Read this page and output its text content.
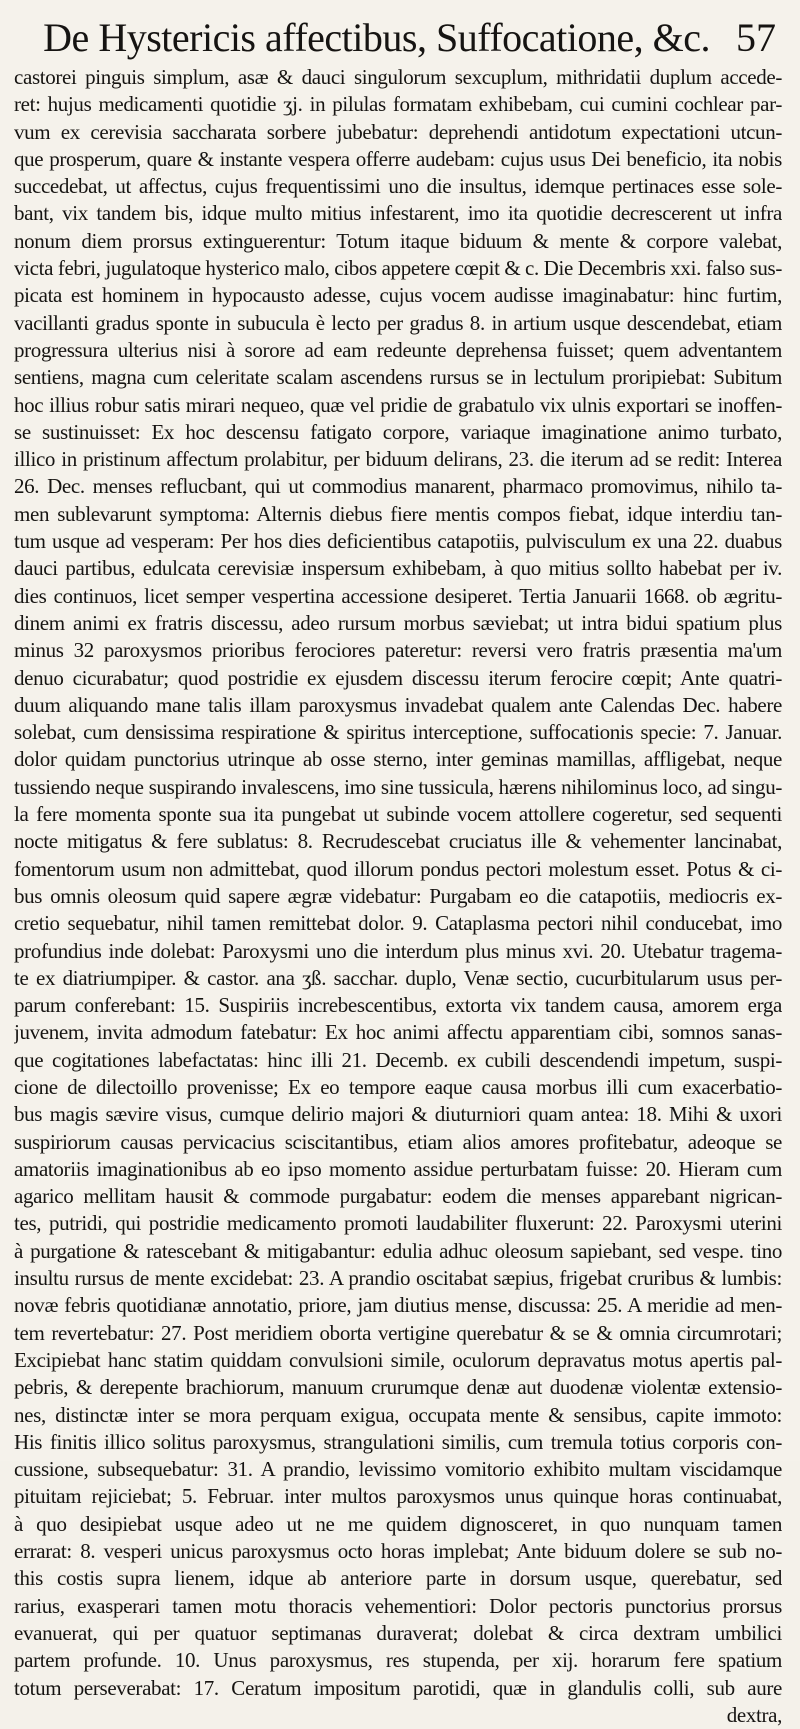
De Hystericis affectibus, Suffocatione, &c. 57
castorei pinguis simplum, asæ & dauci singulorum sexcuplum, mithridatii duplum accede-
ret: hujus medicamenti quotidie ʒj. in pilulas formatam exhibebam, cui cumini cochlear par-
vum ex cerevisia saccharata sorbere jubebatur: deprehendi antidotum expectationi utcun-
que prosperum, quare & instante vespera offerre audebam: cujus usus Dei beneficio, ita nobis
succedebat, ut affectus, cujus frequentissimi uno die insultus, idemque pertinaces esse sole-
bant, vix tandem bis, idque multo mitius infestarent, imo ita quotidie decrescerent ut infra
nonum diem prorsus extinguerentur: Totum itaque biduum & mente & corpore valebat,
victa febri, jugulatoque hysterico malo, cibos appetere cœpit & c. Die Decembris xxi. falso sus-
picata est hominem in hypocausto adesse, cujus vocem audisse imaginabatur: hinc furtim,
vacillanti gradus sponte in subucula è lecto per gradus 8. in artium usque descendebat, etiam
progressura ulterius nisi à sorore ad eam redeunte deprehensa fuisset; quem adventantem
sentiens, magna cum celeritate scalam ascendens rursus se in lectulum proripiebat: Subitum
hoc illius robur satis mirari nequeo, quæ vel pridie de grabatulo vix ulnis exportari se inoffen-
se sustinuisset: Ex hoc descensu fatigato corpore, variaque imaginatione animo turbato,
illico in pristinum affectum prolabitur, per biduum delirans, 23. die iterum ad se redit: Interea
26. Dec. menses reflucbant, qui ut commodius manarent, pharmaco promovimus, nihilo ta-
men sublevarunt symptoma: Alternis diebus fiere mentis compos fiebat, idque interdiu tan-
tum usque ad vesperam: Per hos dies deficientibus catapotiis, pulvisculum ex una 22. duabus
dauci partibus, edulcata cerevisiæ inspersum exhibebam, à quo mitius sollto habebat per iv.
dies continuos, licet semper vespertina accessione desiperet. Tertia Januarii 1668. ob ægritu-
dinem animi ex fratris discessu, adeo rursum morbus sæviebat; ut intra bidui spatium plus
minus 32 paroxysmos prioribus ferociores pateretur: reversi vero fratris præsentia ma'um
denuo cicurabatur; quod postridie ex ejusdem discessu iterum ferocire cœpit; Ante quatri-
duum aliquando mane talis illam paroxysmus invadebat qualem ante Calendas Dec. habere
solebat, cum densissima respiratione & spiritus interceptione, suffocationis specie: 7. Januar.
dolor quidam punctorius utrinque ab osse sterno, inter geminas mamillas, affligebat, neque
tussiendo neque suspirando invalescens, imo sine tussicula, hærens nihilominus loco, ad singu-
la fere momenta sponte sua ita pungebat ut subinde vocem attollere cogeretur, sed sequenti
nocte mitigatus & fere sublatus: 8. Recrudescebat cruciatus ille & vehementer lancinabat,
fomentorum usum non admittebat, quod illorum pondus pectori molestum esset. Potus & ci-
bus omnis oleosum quid sapere ægræ videbatur: Purgabam eo die catapotiis, mediocris ex-
cretio sequebatur, nihil tamen remittebat dolor. 9. Cataplasma pectori nihil conducebat, imo
profundius inde dolebat: Paroxysmi uno die interdum plus minus xvi. 20. Utebatur tragema-
te ex diatriumpiper. & castor. ana ʒß. sacchar. duplo, Venæ sectio, cucurbitularum usus per-
parum conferebant: 15. Suspiriis increbescentibus, extorta vix tandem causa, amorem erga
juvenem, invita admodum fatebatur: Ex hoc animi affectu apparentiam cibi, somnos sanas-
que cogitationes labefactatas: hinc illi 21. Decemb. ex cubili descendendi impetum, suspi-
cione de dilectoillo provenisse; Ex eo tempore eaque causa morbus illi cum exacerbatio-
bus magis sævire visus, cumque delirio majori & diuturniori quam antea: 18. Mihi & uxori
suspiriorum causas pervicacius sciscitantibus, etiam alios amores profitebatur, adeoque se
amatoriis imaginationibus ab eo ipso momento assidue perturbatam fuisse: 20. Hieram cum
agarico mellitam hausit & commode purgabatur: eodem die menses apparebant nigrican-
tes, putridi, qui postridie medicamento promoti laudabiliter fluxerunt: 22. Paroxysmi uterini
à purgatione & ratescebant & mitigabantur: edulia adhuc oleosum sapiebant, sed vespe. tino
insultu rursus de mente excidebat: 23. A prandio oscitabat sæpius, frigebat cruribus & lumbis:
novæ febris quotidianæ annotatio, priore, jam diutius mense, discussa: 25. A meridie ad men-
tem revertebatur: 27. Post meridiem oborta vertigine querebatur & se & omnia circumrotari;
Excipiebat hanc statim quiddam convulsioni simile, oculorum depravatus motus apertis pal-
pebris, & derepente brachiorum, manuum crurumque denæ aut duodenæ violentæ extensio-
nes, distinctæ inter se mora perquam exigua, occupata mente & sensibus, capite immoto:
His finitis illico solitus paroxysmus, strangulationi similis, cum tremula totius corporis con-
cussione, subsequebatur: 31. A prandio, levissimo vomitorio exhibito multam viscidamque
pituitam rejiciebat; 5. Februar. inter multos paroxysmos unus quinque horas continuabat,
à quo desipiebat usque adeo ut ne me quidem dignosceret, in quo nunquam tamen
errarat: 8. vesperi unicus paroxysmus octo horas implebat; Ante biduum dolere se sub no-
this costis supra lienem, idque ab anteriore parte in dorsum usque, querebatur, sed
rarius, exasperari tamen motu thoracis vehementiori: Dolor pectoris punctorius prorsus
evanuerat, qui per quatuor septimanas duraverat; dolebat & circa dextram umbilici
partem profunde. 10. Unus paroxysmus, res stupenda, per xij. horarum fere spatium
totum perseverabat: 17. Ceratum impositum parotidi, quæ in glandulis colli, sub aure
dextra,
